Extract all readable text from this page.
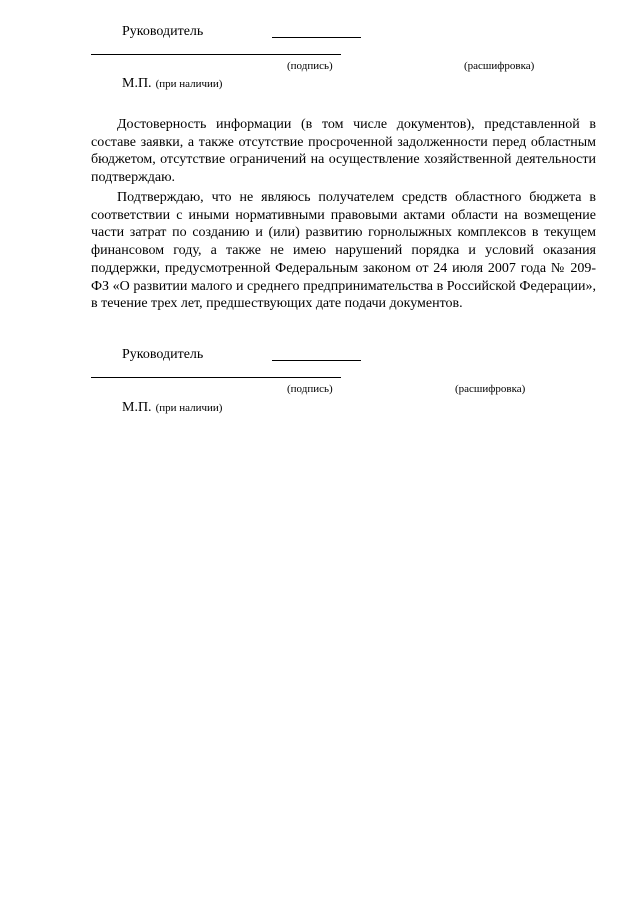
Руководитель
(подпись)	(расшифровка)
М.П. (при наличии)

Достоверность информации (в том числе документов), представленной в составе заявки, а также отсутствие просроченной задолженности перед областным бюджетом, отсутствие ограничений на осуществление хозяйственной деятельности подтверждаю.

Подтверждаю, что не являюсь получателем средств областного бюджета в соответствии с иными нормативными правовыми актами области на возмещение части затрат по созданию и (или) развитию горнолыжных комплексов в текущем финансовом году, а также не имею нарушений порядка и условий оказания поддержки, предусмотренной Федеральным законом от 24 июля 2007 года № 209-ФЗ «О развитии малого и среднего предпринимательства в Российской Федерации», в течение трех лет, предшествующих дате подачи документов.

Руководитель
(подпись)	(расшифровка)
М.П. (при наличии)
